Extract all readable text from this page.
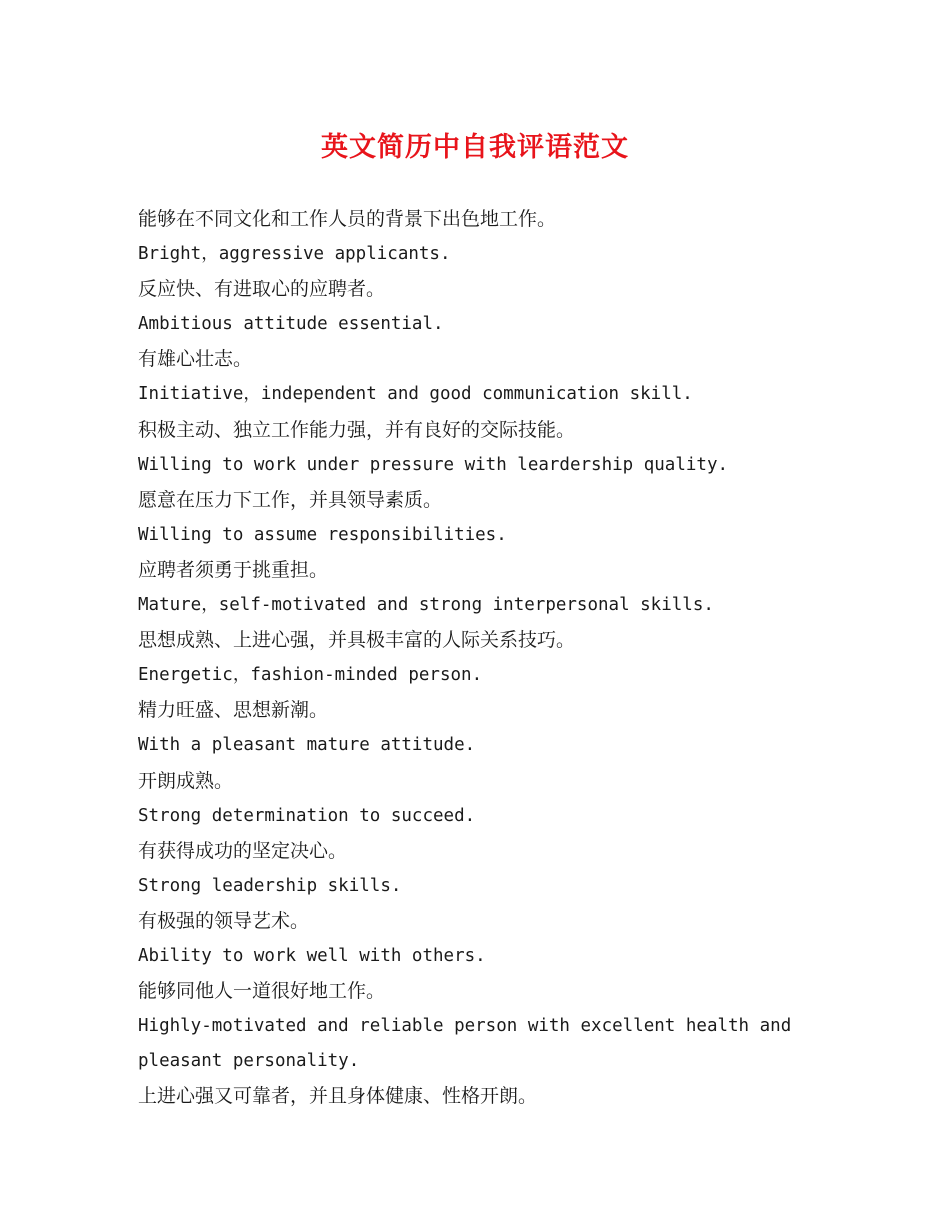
英文简历中自我评语范文
能够在不同文化和工作人员的背景下出色地工作。
Bright，aggressive applicants.
反应快、有进取心的应聘者。
Ambitious attitude essential.
有雄心壮志。
Initiative，independent and good communication skill.
积极主动、独立工作能力强，并有良好的交际技能。
Willing to work under pressure with leardership quality.
愿意在压力下工作，并具领导素质。
Willing to assume responsibilities.
应聘者须勇于挑重担。
Mature，self-motivated and strong interpersonal skills.
思想成熟、上进心强，并具极丰富的人际关系技巧。
Energetic，fashion-minded person.
精力旺盛、思想新潮。
With a pleasant mature attitude.
开朗成熟。
Strong determination to succeed.
有获得成功的坚定决心。
Strong leadership skills.
有极强的领导艺术。
Ability to work well with others.
能够同他人一道很好地工作。
Highly-motivated and reliable person with excellent health and
pleasant personality.
上进心强又可靠者，并且身体健康、性格开朗。
